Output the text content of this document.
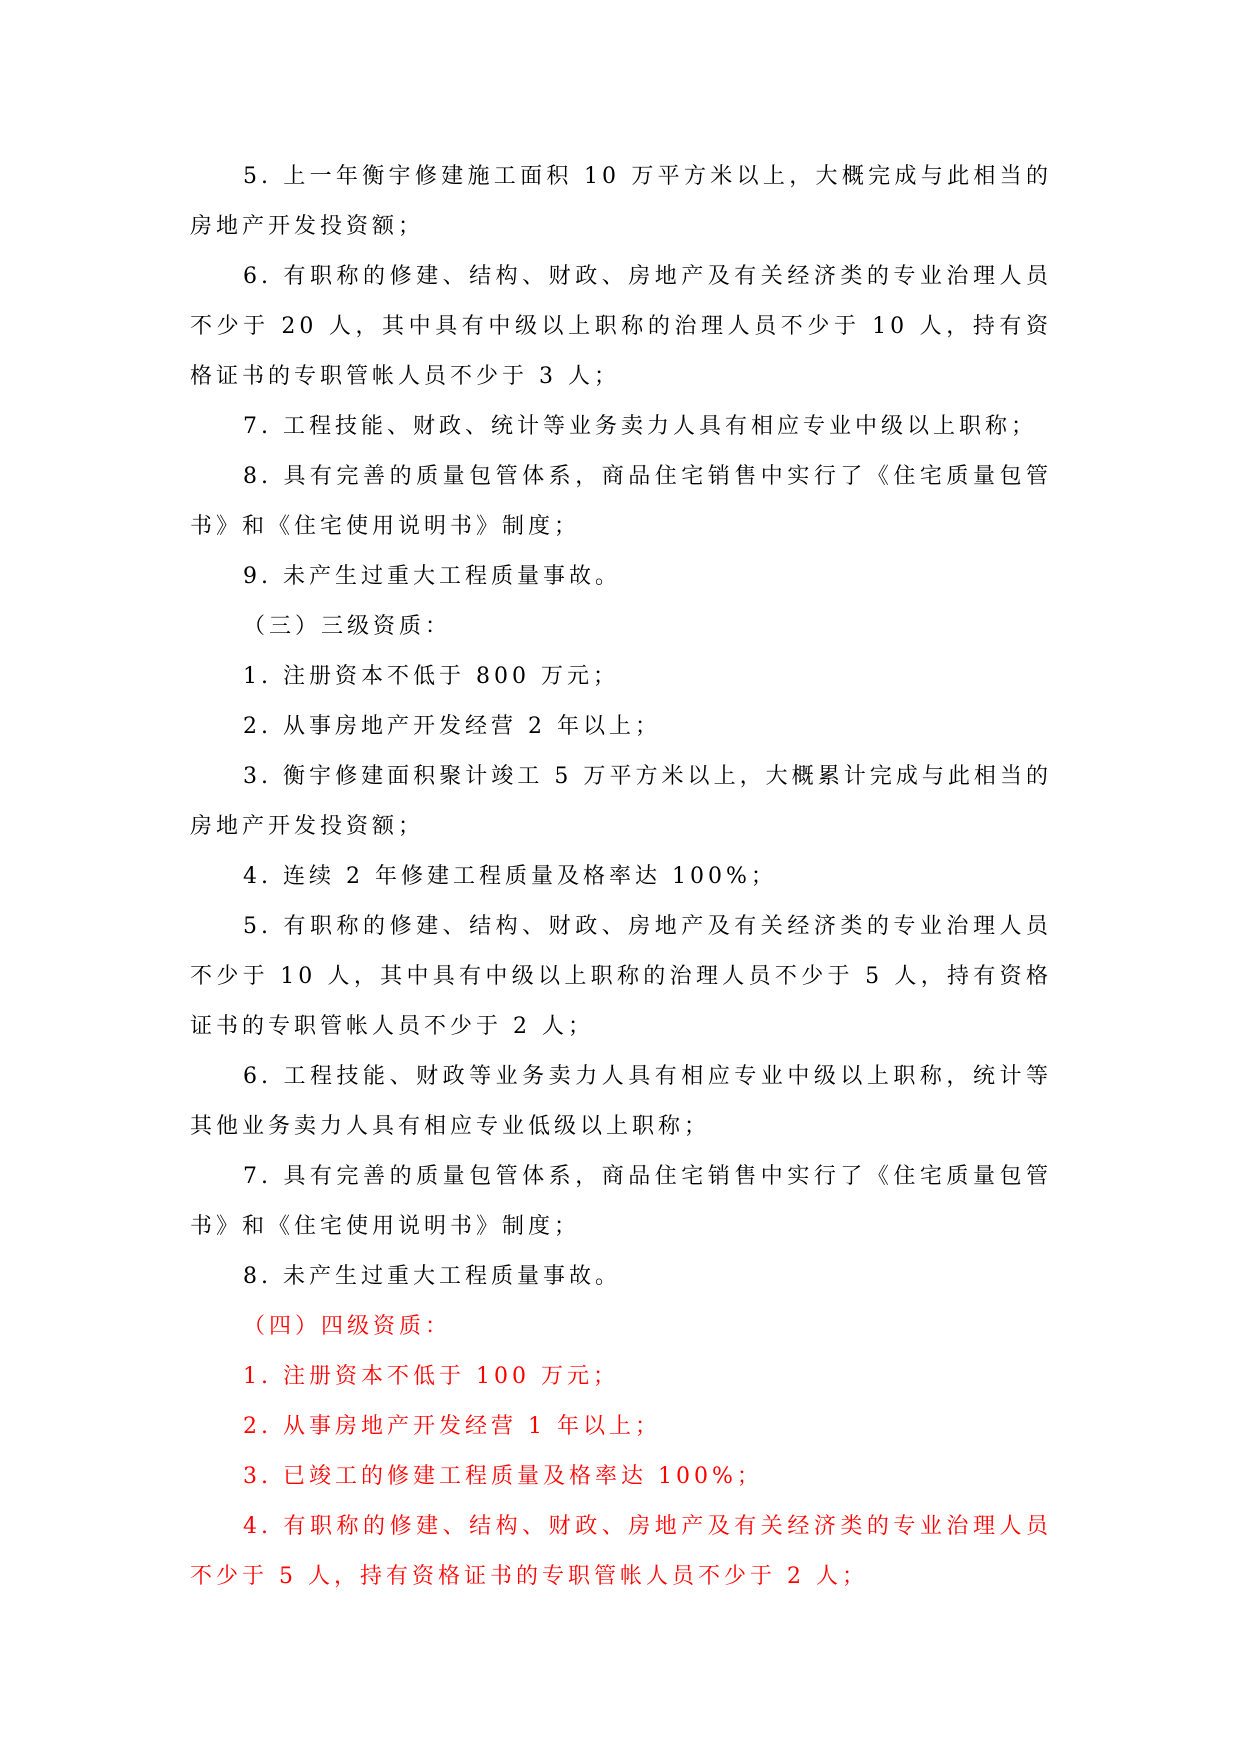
5. 上一年衡宇修建施工面积 10 万平方米以上，大概完成与此相当的房地产开发投资额；

6. 有职称的修建、结构、财政、房地产及有关经济类的专业治理人员不少于 20 人，其中具有中级以上职称的治理人员不少于 10 人，持有资格证书的专职管帐人员不少于 3 人；

7. 工程技能、财政、统计等业务卖力人具有相应专业中级以上职称；

8. 具有完善的质量包管体系，商品住宅销售中实行了《住宅质量包管书》和《住宅使用说明书》制度；

9. 未产生过重大工程质量事故。

（三）三级资质：

1. 注册资本不低于 800 万元；

2. 从事房地产开发经营 2 年以上；

3. 衡宇修建面积聚计竣工 5 万平方米以上，大概累计完成与此相当的房地产开发投资额；

4. 连续 2 年修建工程质量及格率达 100%；

5. 有职称的修建、结构、财政、房地产及有关经济类的专业治理人员不少于 10 人，其中具有中级以上职称的治理人员不少于 5 人，持有资格证书的专职管帐人员不少于 2 人；

6. 工程技能、财政等业务卖力人具有相应专业中级以上职称，统计等其他业务卖力人具有相应专业低级以上职称；

7. 具有完善的质量包管体系，商品住宅销售中实行了《住宅质量包管书》和《住宅使用说明书》制度；

8. 未产生过重大工程质量事故。

（四）四级资质：

1. 注册资本不低于 100 万元；

2. 从事房地产开发经营 1 年以上；

3. 已竣工的修建工程质量及格率达 100%；

4. 有职称的修建、结构、财政、房地产及有关经济类的专业治理人员不少于 5 人，持有资格证书的专职管帐人员不少于 2 人；
